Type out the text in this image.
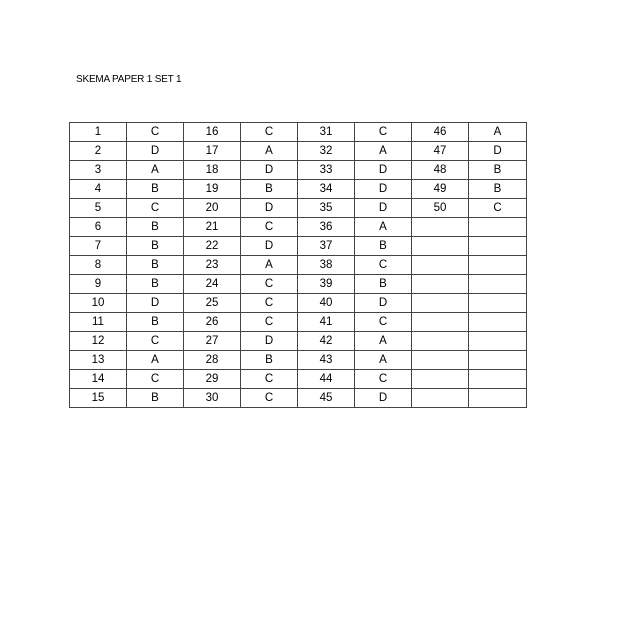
SKEMA PAPER 1 SET 1
1	C	16	C	31	C	46	A
2	D	17	A	32	A	47	D
3	A	18	D	33	D	48	B
4	B	19	B	34	D	49	B
5	C	20	D	35	D	50	C
6	B	21	C	36	A		
7	B	22	D	37	B		
8	B	23	A	38	C		
9	B	24	C	39	B		
10	D	25	C	40	D		
11	B	26	C	41	C		
12	C	27	D	42	A		
13	A	28	B	43	A		
14	C	29	C	44	C		
15	B	30	C	45	D		
